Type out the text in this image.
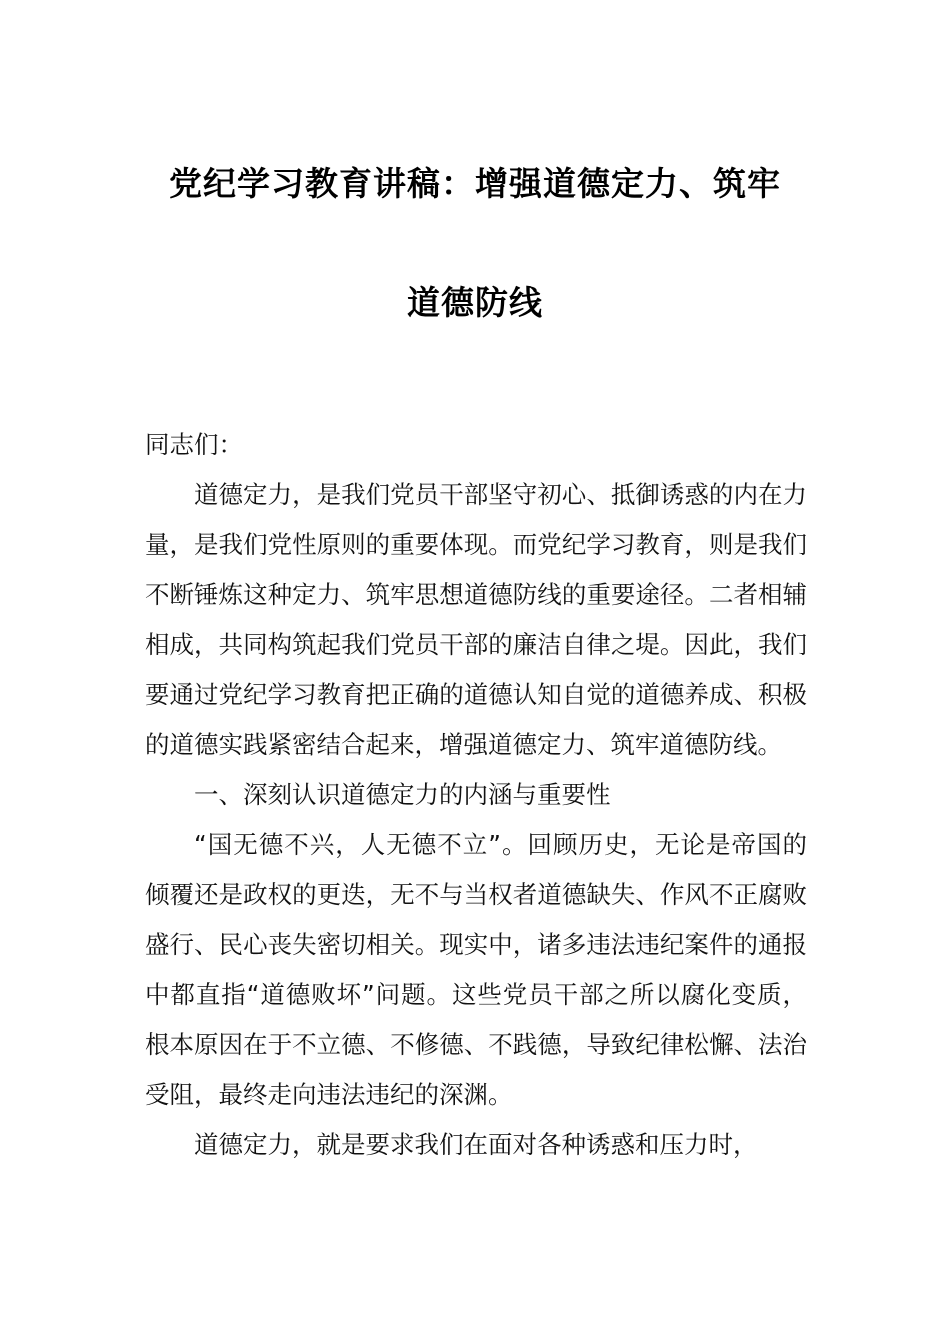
党纪学习教育讲稿：增强道德定力、筑牢
道德防线

同志们：

道德定力，是我们党员干部坚守初心、抵御诱惑的内在力量，是我们党性原则的重要体现。而党纪学习教育，则是我们不断锤炼这种定力、筑牢思想道德防线的重要途径。二者相辅相成，共同构筑起我们党员干部的廉洁自律之堤。因此，我们要通过党纪学习教育把正确的道德认知自觉的道德养成、积极的道德实践紧密结合起来，增强道德定力、筑牢道德防线。

一、深刻认识道德定力的内涵与重要性

“国无德不兴，人无德不立”。回顾历史，无论是帝国的倾覆还是政权的更迭，无不与当权者道德缺失、作风不正腐败盛行、民心丧失密切相关。现实中，诸多违法违纪案件的通报中都直指“道德败坏”问题。这些党员干部之所以腐化变质，根本原因在于不立德、不修德、不践德，导致纪律松懈、法治受阻，最终走向违法违纪的深渊。

道德定力，就是要求我们在面对各种诱惑和压力时，
